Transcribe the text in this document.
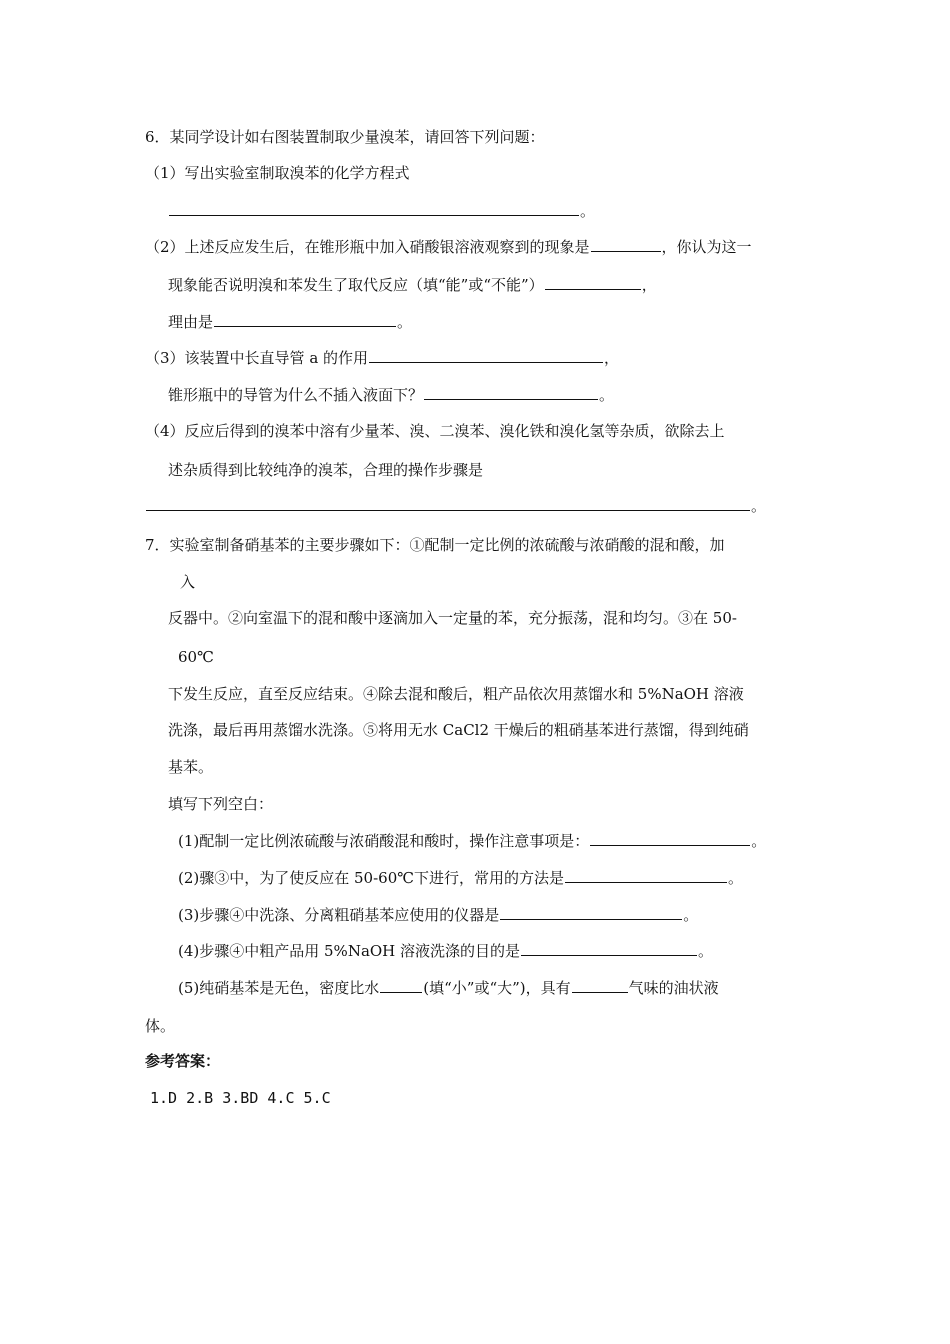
6．某同学设计如右图装置制取少量溴苯，请回答下列问题：
（1）写出实验室制取溴苯的化学方程式
。
（2）上述反应发生后，在锥形瓶中加入硝酸银溶液观察到的现象是	，你认为这一
现象能否说明溴和苯发生了取代反应（填“能”或“不能”）	，
理由是	。
（3）该装置中长直导管 a 的作用	，
锥形瓶中的导管为什么不插入液面下？	。
（4）反应后得到的溴苯中溶有少量苯、溴、二溴苯、溴化铁和溴化氢等杂质，欲除去上
述杂质得到比较纯净的溴苯，合理的操作步骤是
。
7．实验室制备硝基苯的主要步骤如下：①配制一定比例的浓硫酸与浓硝酸的混和酸，加
入
反器中。②向室温下的混和酸中逐滴加入一定量的苯，充分振荡，混和均匀。③在 50-
60℃
下发生反应，直至反应结束。④除去混和酸后，粗产品依次用蒸馏水和 5%NaOH 溶液
洗涤，最后再用蒸馏水洗涤。⑤将用无水 CaCl2 干燥后的粗硝基苯进行蒸馏，得到纯硝
基苯。
填写下列空白：
(1)配制一定比例浓硫酸与浓硝酸混和酸时，操作注意事项是：	。
(2)骤③中，为了使反应在 50-60℃下进行，常用的方法是	。
(3)步骤④中洗涤、分离粗硝基苯应使用的仪器是	。
(4)步骤④中粗产品用 5%NaOH 溶液洗涤的目的是	。
(5)纯硝基苯是无色，密度比水	(填“小”或“大”)，具有	气味的油状液
体。
参考答案：
1.D 2.B 3.BD 4.C 5.C
